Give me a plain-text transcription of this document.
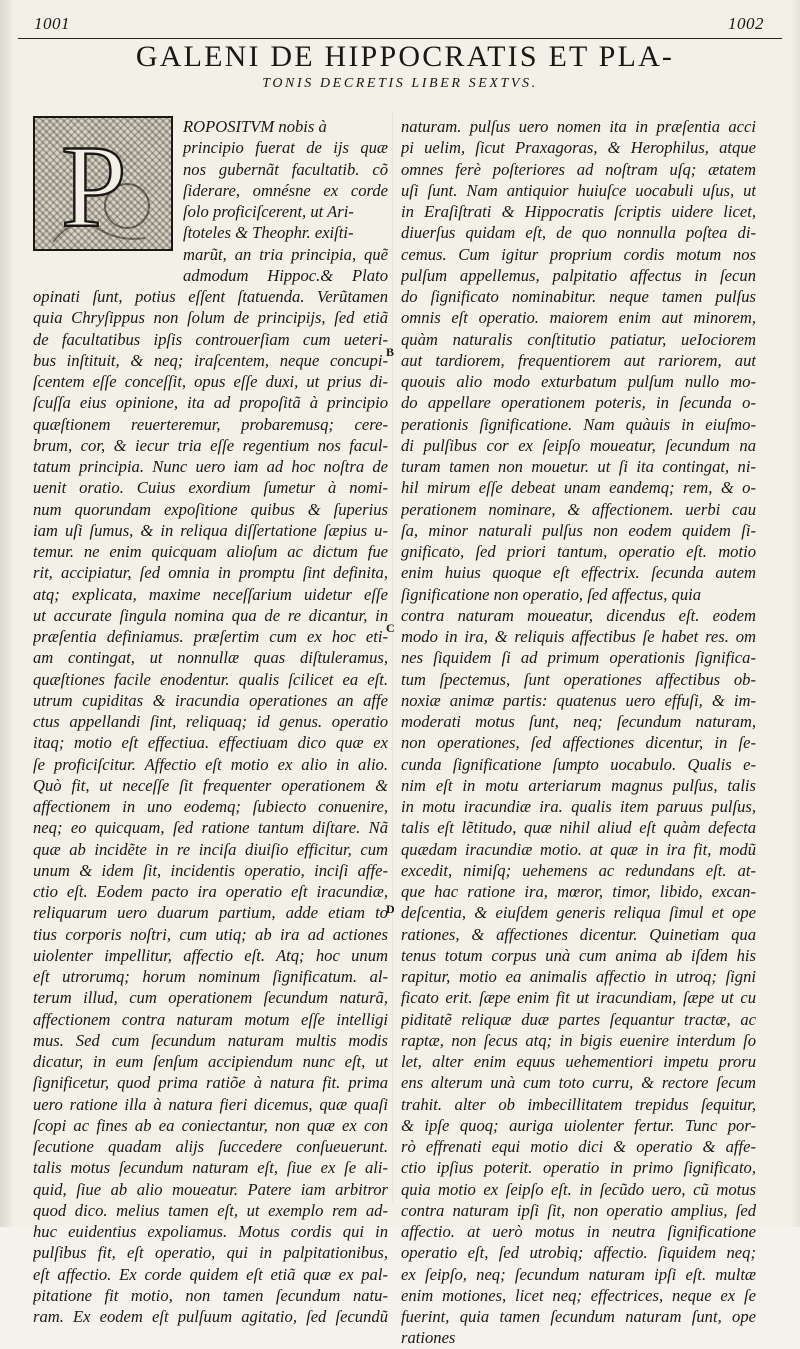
1001	1002
GALENI DE HIPPOCRATIS ET PLA-
TONIS DECRETIS LIBER SEXTVS.
P	ROPOSITVM nobis à
principio fuerat de ijs quæ
nos gubernãt facultatib. cõ
ſiderare, omnésne ex corde
ſolo proficiſcerent, ut Ari-
ſtoteles & Theophr. exiſti-
marũt, an tria principia, quẽ
admodum Hippoc.& Plato
opinati ſunt, potius eſſent ſtatuenda. Verũtamen
quia Chryſippus non ſolum de principijs, ſed etiã
de facultatibus ipſis controuerſiam cum ueteri-
bus inſtituit, & neq; iraſcentem, neque concupi-
ſcentem eſſe conceſſit, opus eſſe duxi, ut prius di-
ſcuſſa eius opinione, ita ad propoſitã à principio
quæſtionem reuerteremur, probaremusq; cere-
brum, cor, & iecur tria eſſe regentium nos facul-
tatum principia. Nunc uero iam ad hoc noſtra de
uenit oratio. Cuius exordium ſumetur à nomi-
num quorundam expoſitione quibus & ſuperius
iam uſi ſumus, & in reliqua diſſertatione ſæpius u-
temur. ne enim quicquam alioſum ac dictum fue
rit, accipiatur, ſed omnia in promptu ſint definita,
atq; explicata, maxime neceſſarium uidetur eſſe
ut accurate ſingula nomina qua de re dicantur, in
præſentia definiamus. præſertim cum ex hoc eti-
am contingat, ut nonnullæ quas diſtuleramus,
quæſtiones facile enodentur. qualis ſcilicet ea eſt.
utrum cupiditas & iracundia operationes an affe
ctus appellandi ſint, reliquaq; id genus. operatio
itaq; motio eſt effectiua. effectiuam dico quæ ex
ſe proficiſcitur. Affectio eſt motio ex alio in alio.
Quò fit, ut neceſſe ſit frequenter operationem &
affectionem in uno eodemq; ſubiecto conuenire,
neq; eo quicquam, ſed ratione tantum diſtare. Nã
quæ ab incidẽte in re inciſa diuiſio efficitur, cum
unum & idem ſit, incidentis operatio, inciſi affe-
ctio eſt. Eodem pacto ira operatio eſt iracundiæ,
reliquarum uero duarum partium, adde etiam to
tius corporis noſtri, cum utiq; ab ira ad actiones
uiolenter impellitur, affectio eſt. Atq; hoc unum
eſt utrorumq; horum nominum ſignificatum. al-
terum illud, cum operationem ſecundum naturã,
affectionem contra naturam motum eſſe intelligi
mus. Sed cum ſecundum naturam multis modis
dicatur, in eum ſenſum accipiendum nunc eſt, ut
ſignificetur, quod prima ratiõe à natura fit. prima
uero ratione illa à natura fieri dicemus, quæ quaſi
ſcopi ac fines ab ea coniectantur, non quæ ex con
ſecutione quadam alijs ſuccedere conſueuerunt.
talis motus ſecundum naturam eſt, ſiue ex ſe ali-
quid, ſiue ab alio moueatur. Patere iam arbitror
quod dico. melius tamen eſt, ut exemplo rem ad-
huc euidentius expoliamus. Motus cordis qui in
pulſibus fit, eſt operatio, qui in palpitationibus,
eſt affectio. Ex corde quidem eſt etiã quæ ex pal-
pitatione fit motio, non tamen ſecundum natu-
ram. Ex eodem eſt pulſuum agitatio, ſed ſecundũ
naturam. pulſus uero nomen ita in præſentia acci
pi uelim, ſicut Praxagoras, & Herophilus, atque
omnes ferè poſteriores ad noſtram uſq; ætatem
uſi ſunt. Nam antiquior huiuſce uocabuli uſus, ut
in Eraſiſtrati & Hippocratis ſcriptis uidere licet,
diuerſus quidam eſt, de quo nonnulla poſtea di-
cemus. Cum igitur proprium cordis motum nos
pulſum appellemus, palpitatio affectus in ſecun
do ſignificato nominabitur. neque tamen pulſus
omnis eſt operatio. maiorem enim aut minorem,
quàm naturalis conſtitutio patiatur, ueIociorem
aut tardiorem, frequentiorem aut rariorem, aut
quouis alio modo exturbatum pulſum nullo mo-
do appellare operationem poteris, in ſecunda o-
perationis ſignificatione. Nam quàuis in eiuſmo-
di pulſibus cor ex ſeipſo moueatur, ſecundum na
turam tamen non mouetur. ut ſi ita contingat, ni-
hil mirum eſſe debeat unam eandemq; rem, & o-
perationem nominare, & affectionem. uerbi cau
ſa, minor naturali pulſus non eodem quidem ſi-
gnificato, ſed priori tantum, operatio eſt. motio
enim huius quoque eſt effectrix. ſecunda autem
ſignificatione non operatio, ſed affectus, quia
contra naturam moueatur, dicendus eſt. eodem
modo in ira, & reliquis affectibus ſe habet res. om
nes ſiquidem ſi ad primum operationis ſignifica-
tum ſpectemus, ſunt operationes affectibus ob-
noxiæ animæ partis: quatenus uero effuſi, & im-
moderati motus ſunt, neq; ſecundum naturam,
non operationes, ſed affectiones dicentur, in ſe-
cunda ſignificatione ſumpto uocabulo. Qualis e-
nim eſt in motu arteriarum magnus pulſus, talis
in motu iracundiæ ira. qualis item paruus pulſus,
talis eſt lẽtitudo, quæ nihil aliud eſt quàm defecta
quædam iracundiæ motio. at quæ in ira fit, modũ
excedit, nimiſq; uehemens ac redundans eſt. at-
que hac ratione ira, mœror, timor, libido, excan-
deſcentia, & eiuſdem generis reliqua ſimul et ope
rationes, & affectiones dicentur. Quinetiam qua
tenus totum corpus unà cum anima ab iſdem his
rapitur, motio ea animalis affectio in utroq; ſigni
ficato erit. ſæpe enim fit ut iracundiam, ſæpe ut cu
piditatẽ reliquæ duæ partes ſequantur tractæ, ac
raptæ, non ſecus atq; in bigis euenire interdum ſo
let, alter enim equus uehementiori impetu proru
ens alterum unà cum toto curru, & rectore ſecum
trahit. alter ob imbecillitatem trepidus ſequitur,
& ipſe quoq; auriga uiolenter fertur. Tunc por-
rò effrenati equi motio dici & operatio & affe-
ctio ipſius poterit. operatio in primo ſignificato,
quia motio ex ſeipſo eſt. in ſecũdo uero, cũ motus
contra naturam ipſi ſit, non operatio amplius, ſed
affectio. at uerò motus in neutra ſignificatione
operatio eſt, ſed utrobiq; affectio. ſiquidem neq;
ex ſeipſo, neq; ſecundum naturam ipſi eſt. multæ
enim motiones, licet neq; effectrices, neque ex ſe
fuerint, quia tamen ſecundum naturam ſunt, ope
rationes
B
C
D
